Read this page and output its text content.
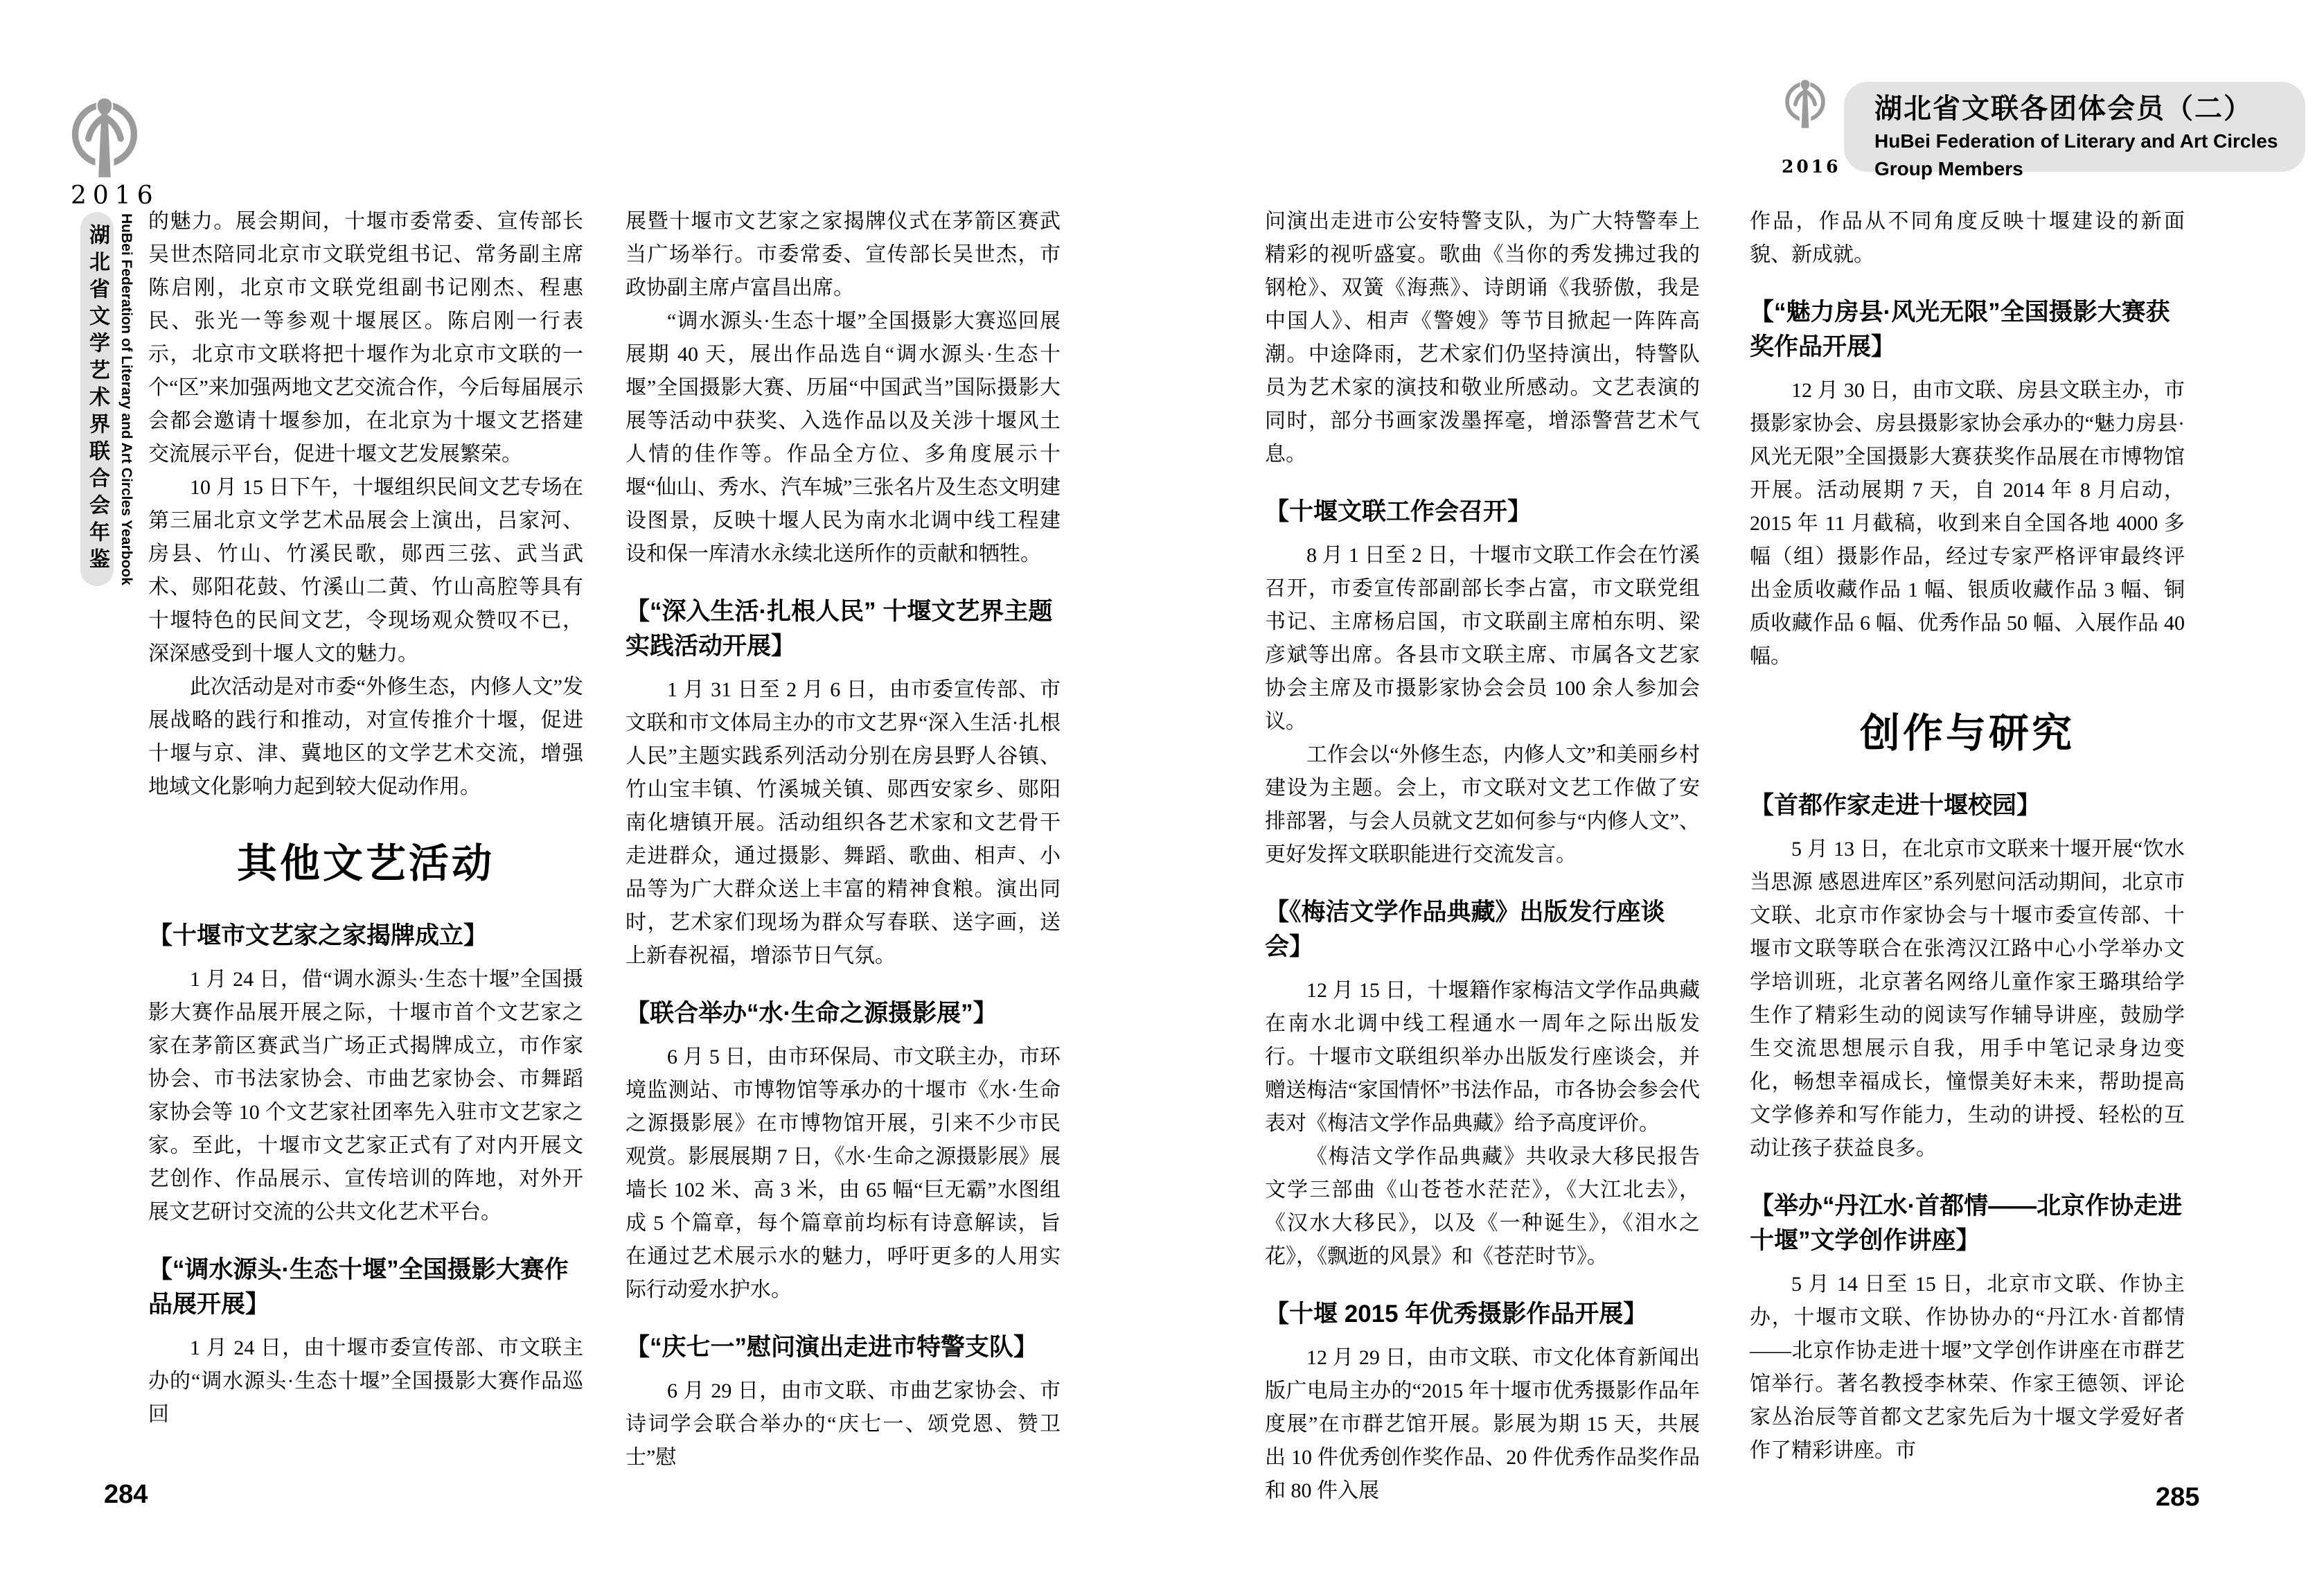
2016
湖北省文学艺术界联合会年鉴 HuBei Federation of Literary and Art Circles Yearbook 的魅力。展会期间，十堰市委常委、宣传部长吴世杰陪同北京市文联党组书记、常务副主席陈启刚，北京市文联党组副书记刚杰、程惠民、张光一等参观十堰展区。陈启刚一行表示，北京市文联将把十堰作为北京市文联的一个“区”来加强两地文艺交流合作，今后每届展示会都会邀请十堰参加，在北京为十堰文艺搭建交流展示平台，促进十堰文艺发展繁荣。
10 月 15 日下午，十堰组织民间文艺专场在第三届北京文学艺术品展会上演出，吕家河、房县、竹山、竹溪民歌，郧西三弦、武当武术、郧阳花鼓、竹溪山二黄、竹山高腔等具有十堰特色的民间文艺，令现场观众赞叹不已，深深感受到十堰人文的魅力。
此次活动是对市委“外修生态，内修人文”发展战略的践行和推动，对宣传推介十堰，促进十堰与京、津、冀地区的文学艺术交流，增强地域文化影响力起到较大促动作用。
其他文艺活动
【十堰市文艺家之家揭牌成立】
1 月 24 日，借“调水源头·生态十堰”全国摄影大赛作品展开展之际，十堰市首个文艺家之家在茅箭区赛武当广场正式揭牌成立，市作家协会、市书法家协会、市曲艺家协会、市舞蹈家协会等 10 个文艺家社团率先入驻市文艺家之家。至此，十堰市文艺家正式有了对内开展文艺创作、作品展示、宣传培训的阵地，对外开展文艺研讨交流的公共文化艺术平台。
【“调水源头·生态十堰”全国摄影大赛作品展开展】
1 月 24 日，由十堰市委宣传部、市文联主办的“调水源头·生态十堰”全国摄影大赛作品巡回
展暨十堰市文艺家之家揭牌仪式在茅箭区赛武当广场举行。市委常委、宣传部长吴世杰，市政协副主席卢富昌出席。
“调水源头·生态十堰”全国摄影大赛巡回展展期 40 天，展出作品选自“调水源头·生态十堰”全国摄影大赛、历届“中国武当”国际摄影大展等活动中获奖、入选作品以及关涉十堰风土人情的佳作等。作品全方位、多角度展示十堰“仙山、秀水、汽车城”三张名片及生态文明建设图景，反映十堰人民为南水北调中线工程建设和保一库清水永续北送所作的贡献和牺牲。
【“深入生活·扎根人民” 十堰文艺界主题实践活动开展】
1 月 31 日至 2 月 6 日，由市委宣传部、市文联和市文体局主办的市文艺界“深入生活·扎根人民”主题实践系列活动分别在房县野人谷镇、竹山宝丰镇、竹溪城关镇、郧西安家乡、郧阳南化塘镇开展。活动组织各艺术家和文艺骨干走进群众，通过摄影、舞蹈、歌曲、相声、小品等为广大群众送上丰富的精神食粮。演出同时，艺术家们现场为群众写春联、送字画，送上新春祝福，增添节日气氛。
【联合举办“水·生命之源摄影展”】
6 月 5 日，由市环保局、市文联主办，市环境监测站、市博物馆等承办的十堰市《水·生命之源摄影展》在市博物馆开展，引来不少市民观赏。影展展期 7 日，《水·生命之源摄影展》展墙长 102 米、高 3 米，由 65 幅“巨无霸”水图组成 5 个篇章，每个篇章前均标有诗意解读，旨在通过艺术展示水的魅力，呼吁更多的人用实际行动爱水护水。
【“庆七一”慰问演出走进市特警支队】
6 月 29 日，由市文联、市曲艺家协会、市诗词学会联合举办的“庆七一、颂党恩、赞卫士”慰
2016
湖北省文联各团体会员（二）
HuBei Federation of Literary and Art Circles Group Members
问演出走进市公安特警支队，为广大特警奉上精彩的视听盛宴。歌曲《当你的秀发拂过我的钢枪》、双簧《海燕》、诗朗诵《我骄傲，我是中国人》、相声《警嫂》等节目掀起一阵阵高潮。中途降雨，艺术家们仍坚持演出，特警队员为艺术家的演技和敬业所感动。文艺表演的同时，部分书画家泼墨挥毫，增添警营艺术气息。
【十堰文联工作会召开】
8 月 1 日至 2 日，十堰市文联工作会在竹溪召开，市委宣传部副部长李占富，市文联党组书记、主席杨启国，市文联副主席柏东明、梁彦斌等出席。各县市文联主席、市属各文艺家协会主席及市摄影家协会会员 100 余人参加会议。
工作会以“外修生态，内修人文”和美丽乡村建设为主题。会上，市文联对文艺工作做了安排部署，与会人员就文艺如何参与“内修人文”、更好发挥文联职能进行交流发言。
【《梅洁文学作品典藏》出版发行座谈会】
12 月 15 日，十堰籍作家梅洁文学作品典藏在南水北调中线工程通水一周年之际出版发行。十堰市文联组织举办出版发行座谈会，并赠送梅洁“家国情怀”书法作品，市各协会参会代表对《梅洁文学作品典藏》给予高度评价。
《梅洁文学作品典藏》共收录大移民报告文学三部曲《山苍苍水茫茫》，《大江北去》，《汉水大移民》，以及《一种诞生》，《泪水之花》，《飘逝的风景》和《苍茫时节》。
【十堰 2015 年优秀摄影作品开展】
12 月 29 日，由市文联、市文化体育新闻出版广电局主办的“2015 年十堰市优秀摄影作品年度展”在市群艺馆开展。影展为期 15 天，共展出 10 件优秀创作奖作品、20 件优秀作品奖作品和 80 件入展
作品，作品从不同角度反映十堰建设的新面貌、新成就。
【“魅力房县·风光无限”全国摄影大赛获奖作品开展】
12 月 30 日，由市文联、房县文联主办，市摄影家协会、房县摄影家协会承办的“魅力房县·风光无限”全国摄影大赛获奖作品展在市博物馆开展。活动展期 7 天，自 2014 年 8 月启动，2015 年 11 月截稿，收到来自全国各地 4000 多幅（组）摄影作品，经过专家严格评审最终评出金质收藏作品 1 幅、银质收藏作品 3 幅、铜质收藏作品 6 幅、优秀作品 50 幅、入展作品 40 幅。
创作与研究
【首都作家走进十堰校园】
5 月 13 日，在北京市文联来十堰开展“饮水当思源 感恩进库区”系列慰问活动期间，北京市文联、北京市作家协会与十堰市委宣传部、十堰市文联等联合在张湾汉江路中心小学举办文学培训班，北京著名网络儿童作家王璐琪给学生作了精彩生动的阅读写作辅导讲座，鼓励学生交流思想展示自我，用手中笔记录身边变化，畅想幸福成长，憧憬美好未来，帮助提高文学修养和写作能力，生动的讲授、轻松的互动让孩子获益良多。
【举办“丹江水·首都情——北京作协走进十堰”文学创作讲座】
5 月 14 日至 15 日，北京市文联、作协主办，十堰市文联、作协协办的“丹江水·首都情——北京作协走进十堰”文学创作讲座在市群艺馆举行。著名教授李林荣、作家王德领、评论家丛治辰等首都文艺家先后为十堰文学爱好者作了精彩讲座。市
284	285
